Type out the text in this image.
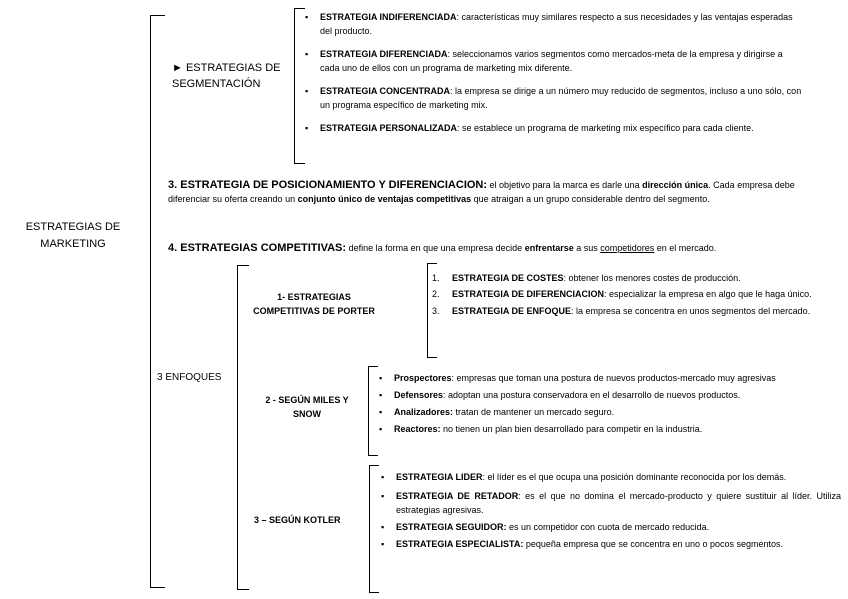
ESTRATEGIAS DE MARKETING
► ESTRATEGIAS DE SEGMENTACIÓN
▪ ESTRATEGIA INDIFERENCIADA: características muy similares respecto a sus necesidades y las ventajas esperadas del producto.
▪ ESTRATEGIA DIFERENCIADA: seleccionamos varios segmentos como mercados-meta de la empresa y dirigirse a cada uno de ellos con un programa de marketing mix diferente.
▪ ESTRATEGIA CONCENTRADA: la empresa se dirige a un número muy reducido de segmentos, incluso a uno sólo, con un programa específico de marketing mix.
▪ ESTRATEGIA PERSONALIZADA: se establece un programa de marketing mix específico para cada cliente.
3. ESTRATEGIA DE POSICIONAMIENTO Y DIFERENCIACION: el objetivo para la marca es darle una dirección única. Cada empresa debe diferenciar su oferta creando un conjunto único de ventajas competitivas que atraigan a un grupo considerable dentro del segmento.
4. ESTRATEGIAS COMPETITIVAS: define la forma en que una empresa decide enfrentarse a sus competidores en el mercado.
3 ENFOQUES
1- ESTRATEGIAS COMPETITIVAS DE PORTER
1. ESTRATEGIA DE COSTES: obtener los menores costes de producción.
2. ESTRATEGIA DE DIFERENCIACION: especializar la empresa en algo que le haga único.
3. ESTRATEGIA DE ENFOQUE: la empresa se concentra en unos segmentos del mercado.
2 - SEGÚN MILES Y SNOW
▪ Prospectores: empresas que toman una postura de nuevos productos-mercado muy agresivas
▪ Defensores: adoptan una postura conservadora en el desarrollo de nuevos productos.
▪ Analizadores: tratan de mantener un mercado seguro.
▪ Reactores: no tienen un plan bien desarrollado para competir en la industria.
3 – SEGÚN KOTLER
▪ ESTRATEGIA LIDER: el líder es el que ocupa una posición dominante reconocida por los demás.
▪ ESTRATEGIA DE RETADOR: es el que no domina el mercado-producto y quiere sustituir al líder. Utiliza estrategias agresivas.
▪ ESTRATEGIA SEGUIDOR: es un competidor con cuota de mercado reducida.
▪ ESTRATEGIA ESPECIALISTA: pequeña empresa que se concentra en uno o pocos segmentos.
